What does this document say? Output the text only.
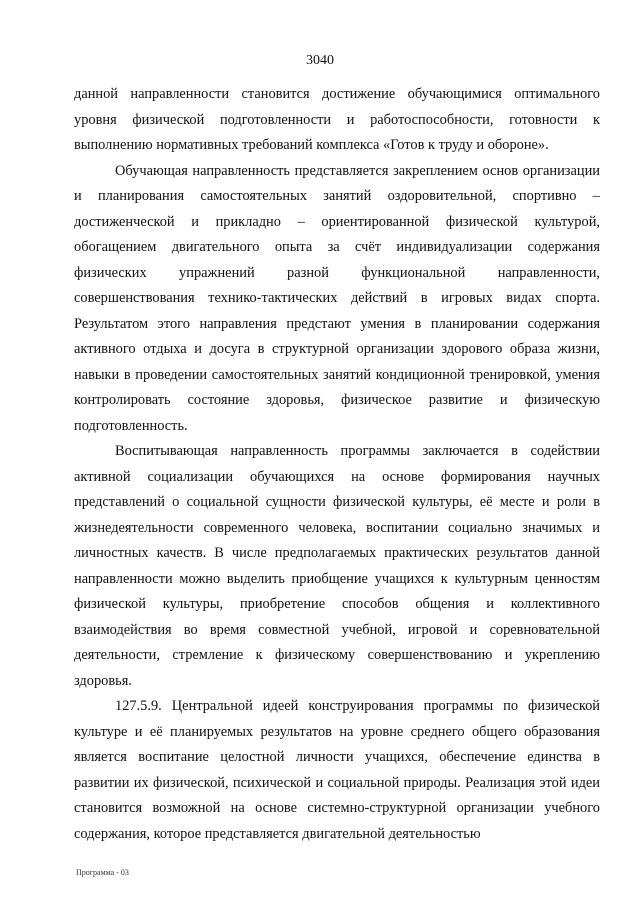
3040

данной направленности становится достижение обучающимися оптимального уровня физической подготовленности и работоспособности, готовности к выполнению нормативных требований комплекса «Готов к труду и обороне».

Обучающая направленность представляется закреплением основ организации и планирования самостоятельных занятий оздоровительной, спортивно – достиженческой и прикладно – ориентированной физической культурой, обогащением двигательного опыта за счёт индивидуализации содержания физических упражнений разной функциональной направленности, совершенствования технико-тактических действий в игровых видах спорта. Результатом этого направления предстают умения в планировании содержания активного отдыха и досуга в структурной организации здорового образа жизни, навыки в проведении самостоятельных занятий кондиционной тренировкой, умения контролировать состояние здоровья, физическое развитие и физическую подготовленность.

Воспитывающая направленность программы заключается в содействии активной социализации обучающихся на основе формирования научных представлений о социальной сущности физической культуры, её месте и роли в жизнедеятельности современного человека, воспитании социально значимых и личностных качеств. В числе предполагаемых практических результатов данной направленности можно выделить приобщение учащихся к культурным ценностям физической культуры, приобретение способов общения и коллективного взаимодействия во время совместной учебной, игровой и соревновательной деятельности, стремление к физическому совершенствованию и укреплению здоровья.

127.5.9. Центральной идеей конструирования программы по физической культуре и её планируемых результатов на уровне среднего общего образования является воспитание целостной личности учащихся, обеспечение единства в развитии их физической, психической и социальной природы. Реализация этой идеи становится возможной на основе системно-структурной организации учебного содержания, которое представляется двигательной деятельностью

Программа - 03
